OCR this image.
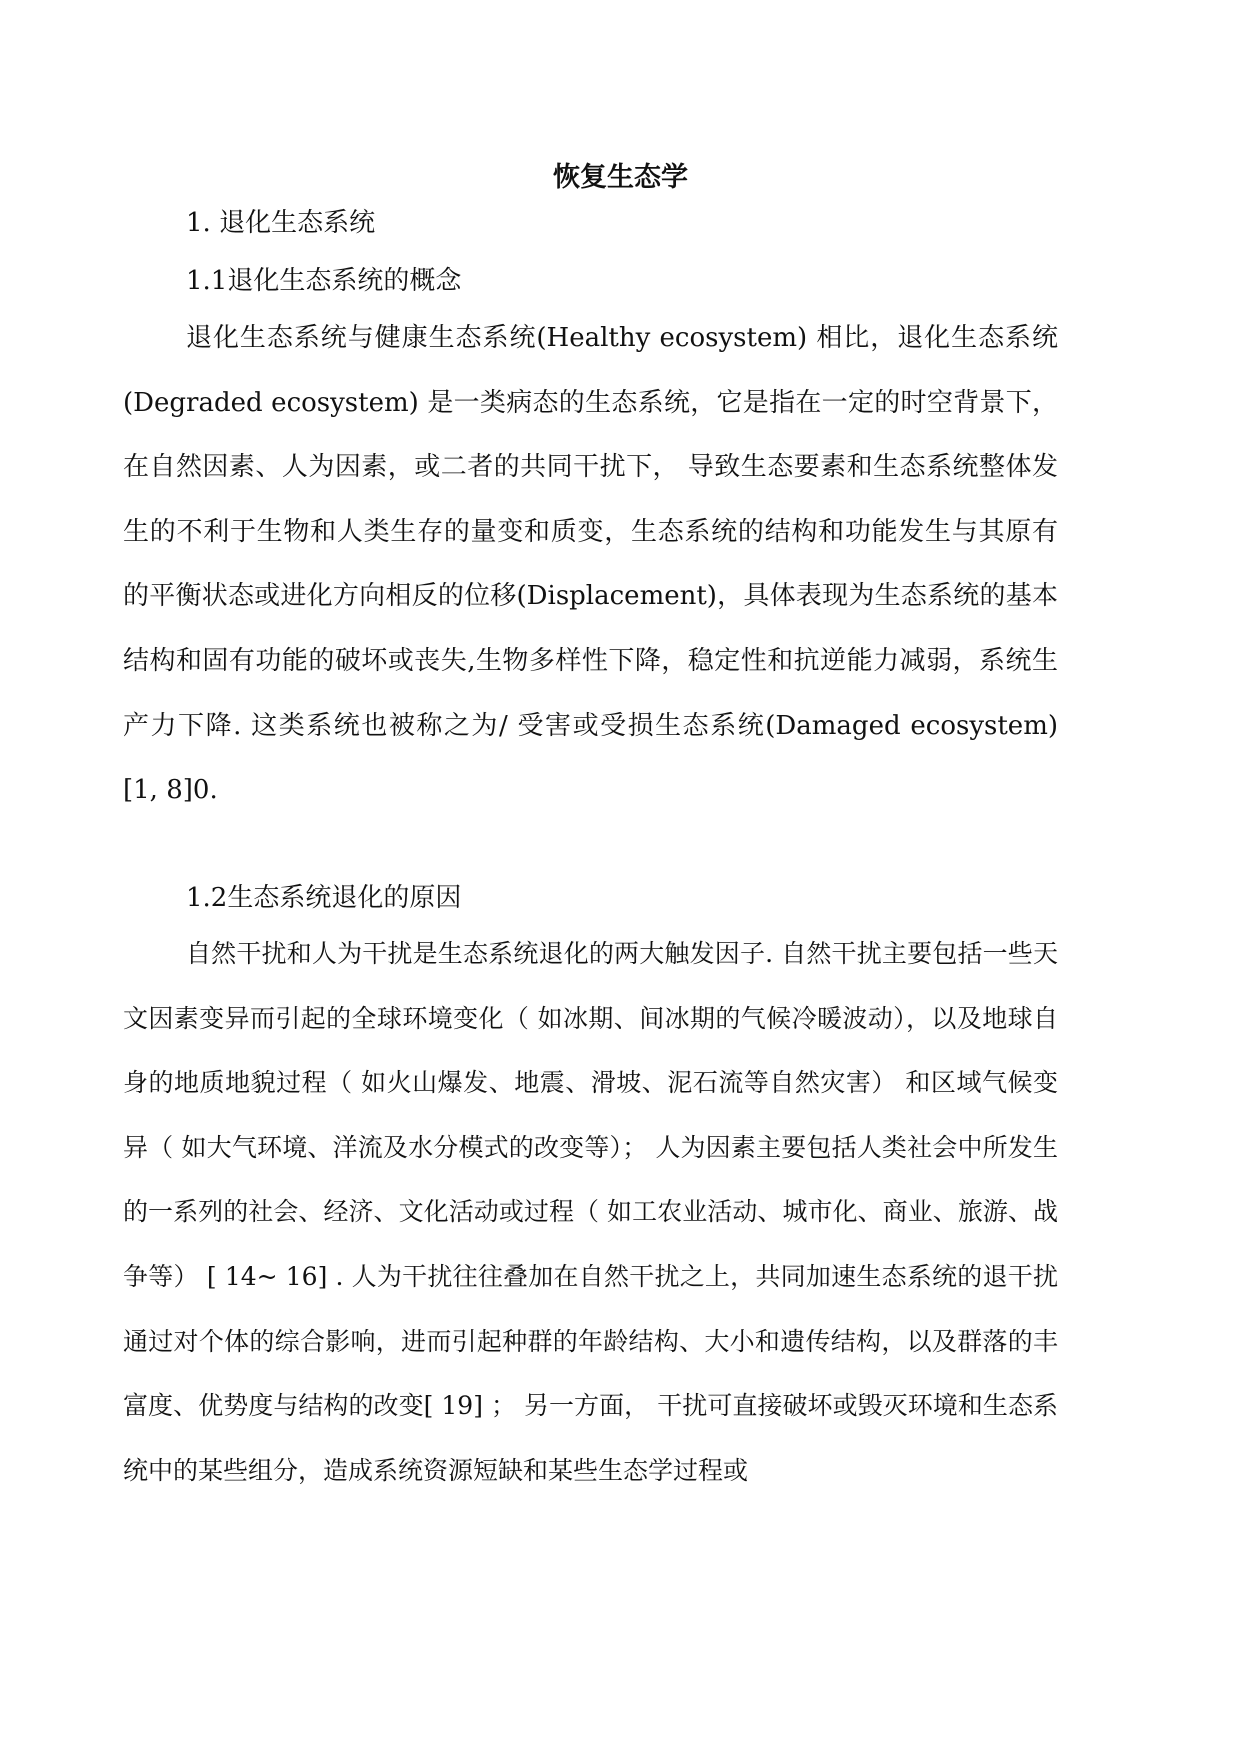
恢复生态学
1. 退化生态系统
1.1退化生态系统的概念

退化生态系统与健康生态系统(Healthy ecosystem) 相比，退化生态系统(Degraded ecosystem) 是一类病态的生态系统，它是指在一定的时空背景下， 在自然因素、人为因素，或二者的共同干扰下， 导致生态要素和生态系统整体发生的不利于生物和人类生存的量变和质变，生态系统的结构和功能发生与其原有的平衡状态或进化方向相反的位移(Displacement)，具体表现为生态系统的基本结构和固有功能的破坏或丧失,生物多样性下降，稳定性和抗逆能力减弱，系统生产力下降. 这类系统也被称之为/ 受害或受损生态系统(Damaged ecosystem) [1, 8]0.

1.2生态系统退化的原因

自然干扰和人为干扰是生态系统退化的两大触发因子. 自然干扰主要包括一些天文因素变异而引起的全球环境变化（ 如冰期、间冰期的气候冷暖波动），以及地球自身的地质地貌过程（ 如火山爆发、地震、滑坡、泥石流等自然灾害） 和区域气候变异（ 如大气环境、洋流及水分模式的改变等）； 人为因素主要包括人类社会中所发生的一系列的社会、经济、文化活动或过程（ 如工农业活动、城市化、商业、旅游、战争等） [ 14~ 16] . 人为干扰往往叠加在自然干扰之上，共同加速生态系统的退干扰通过对个体的综合影响，进而引起种群的年龄结构、大小和遗传结构，以及群落的丰富度、优势度与结构的改变[ 19] ； 另一方面， 干扰可直接破坏或毁灭环境和生态系统中的某些组分，造成系统资源短缺和某些生态学过程或
